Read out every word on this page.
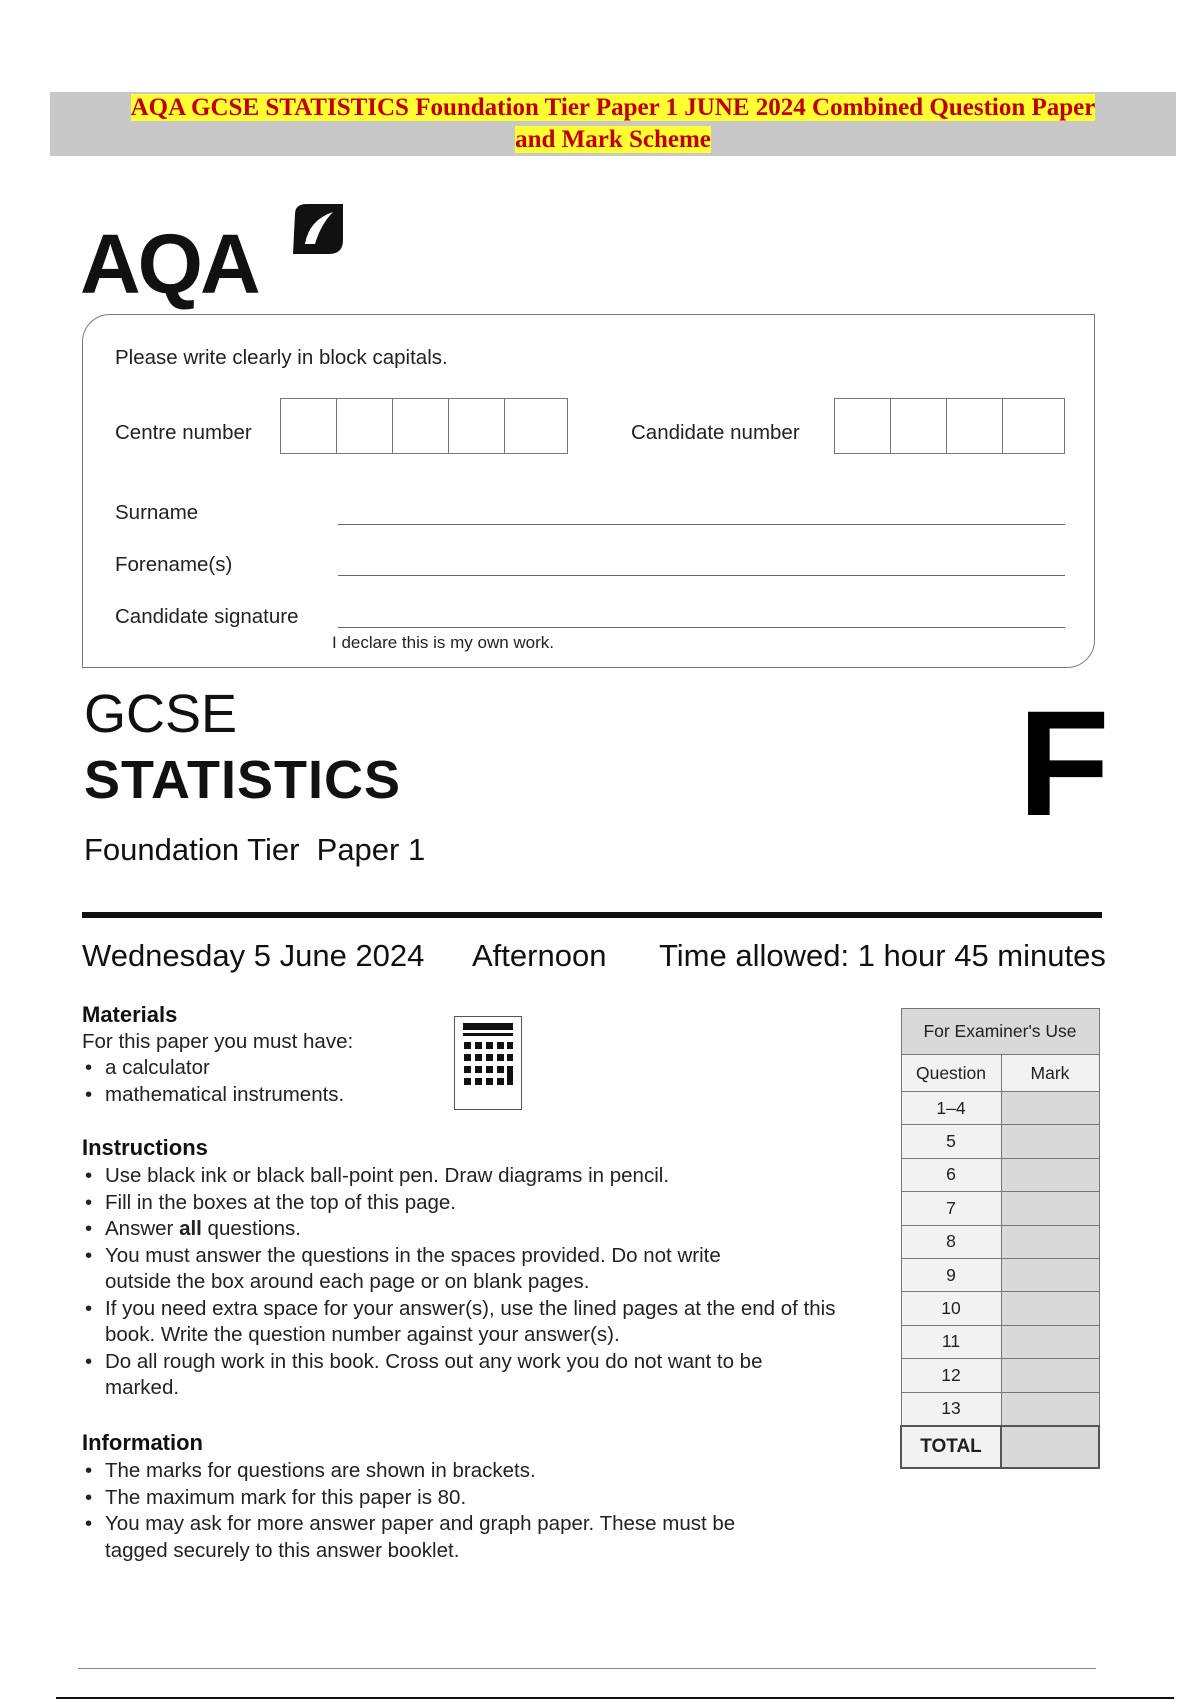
AQA GCSE STATISTICS Foundation Tier Paper 1 JUNE 2024 Combined Question Paper
and Mark Scheme
AQA
Please write clearly in block capitals.
Centre number	Candidate number
Surname
Forename(s)
Candidate signature
I declare this is my own work.
GCSE
STATISTICS
Foundation Tier  Paper 1
F
Wednesday 5 June 2024 Afternoon Time allowed: 1 hour 45 minutes
Materials
For this paper you must have:
• a calculator
• mathematical instruments.
Instructions
• Use black ink or black ball-point pen. Draw diagrams in pencil.
• Fill in the boxes at the top of this page.
• Answer all questions.
• You must answer the questions in the spaces provided. Do not write outside the box around each page or on blank pages.
• If you need extra space for your answer(s), use the lined pages at the end of this book. Write the question number against your answer(s).
• Do all rough work in this book. Cross out any work you do not want to be marked.
Information
• The marks for questions are shown in brackets.
• The maximum mark for this paper is 80.
• You may ask for more answer paper and graph paper. These must be tagged securely to this answer booklet.
For Examiner's Use	
Question	Mark
1–4	
5	
6	
7	
8	
9	
10	
11	
12	
13	
TOTAL	
